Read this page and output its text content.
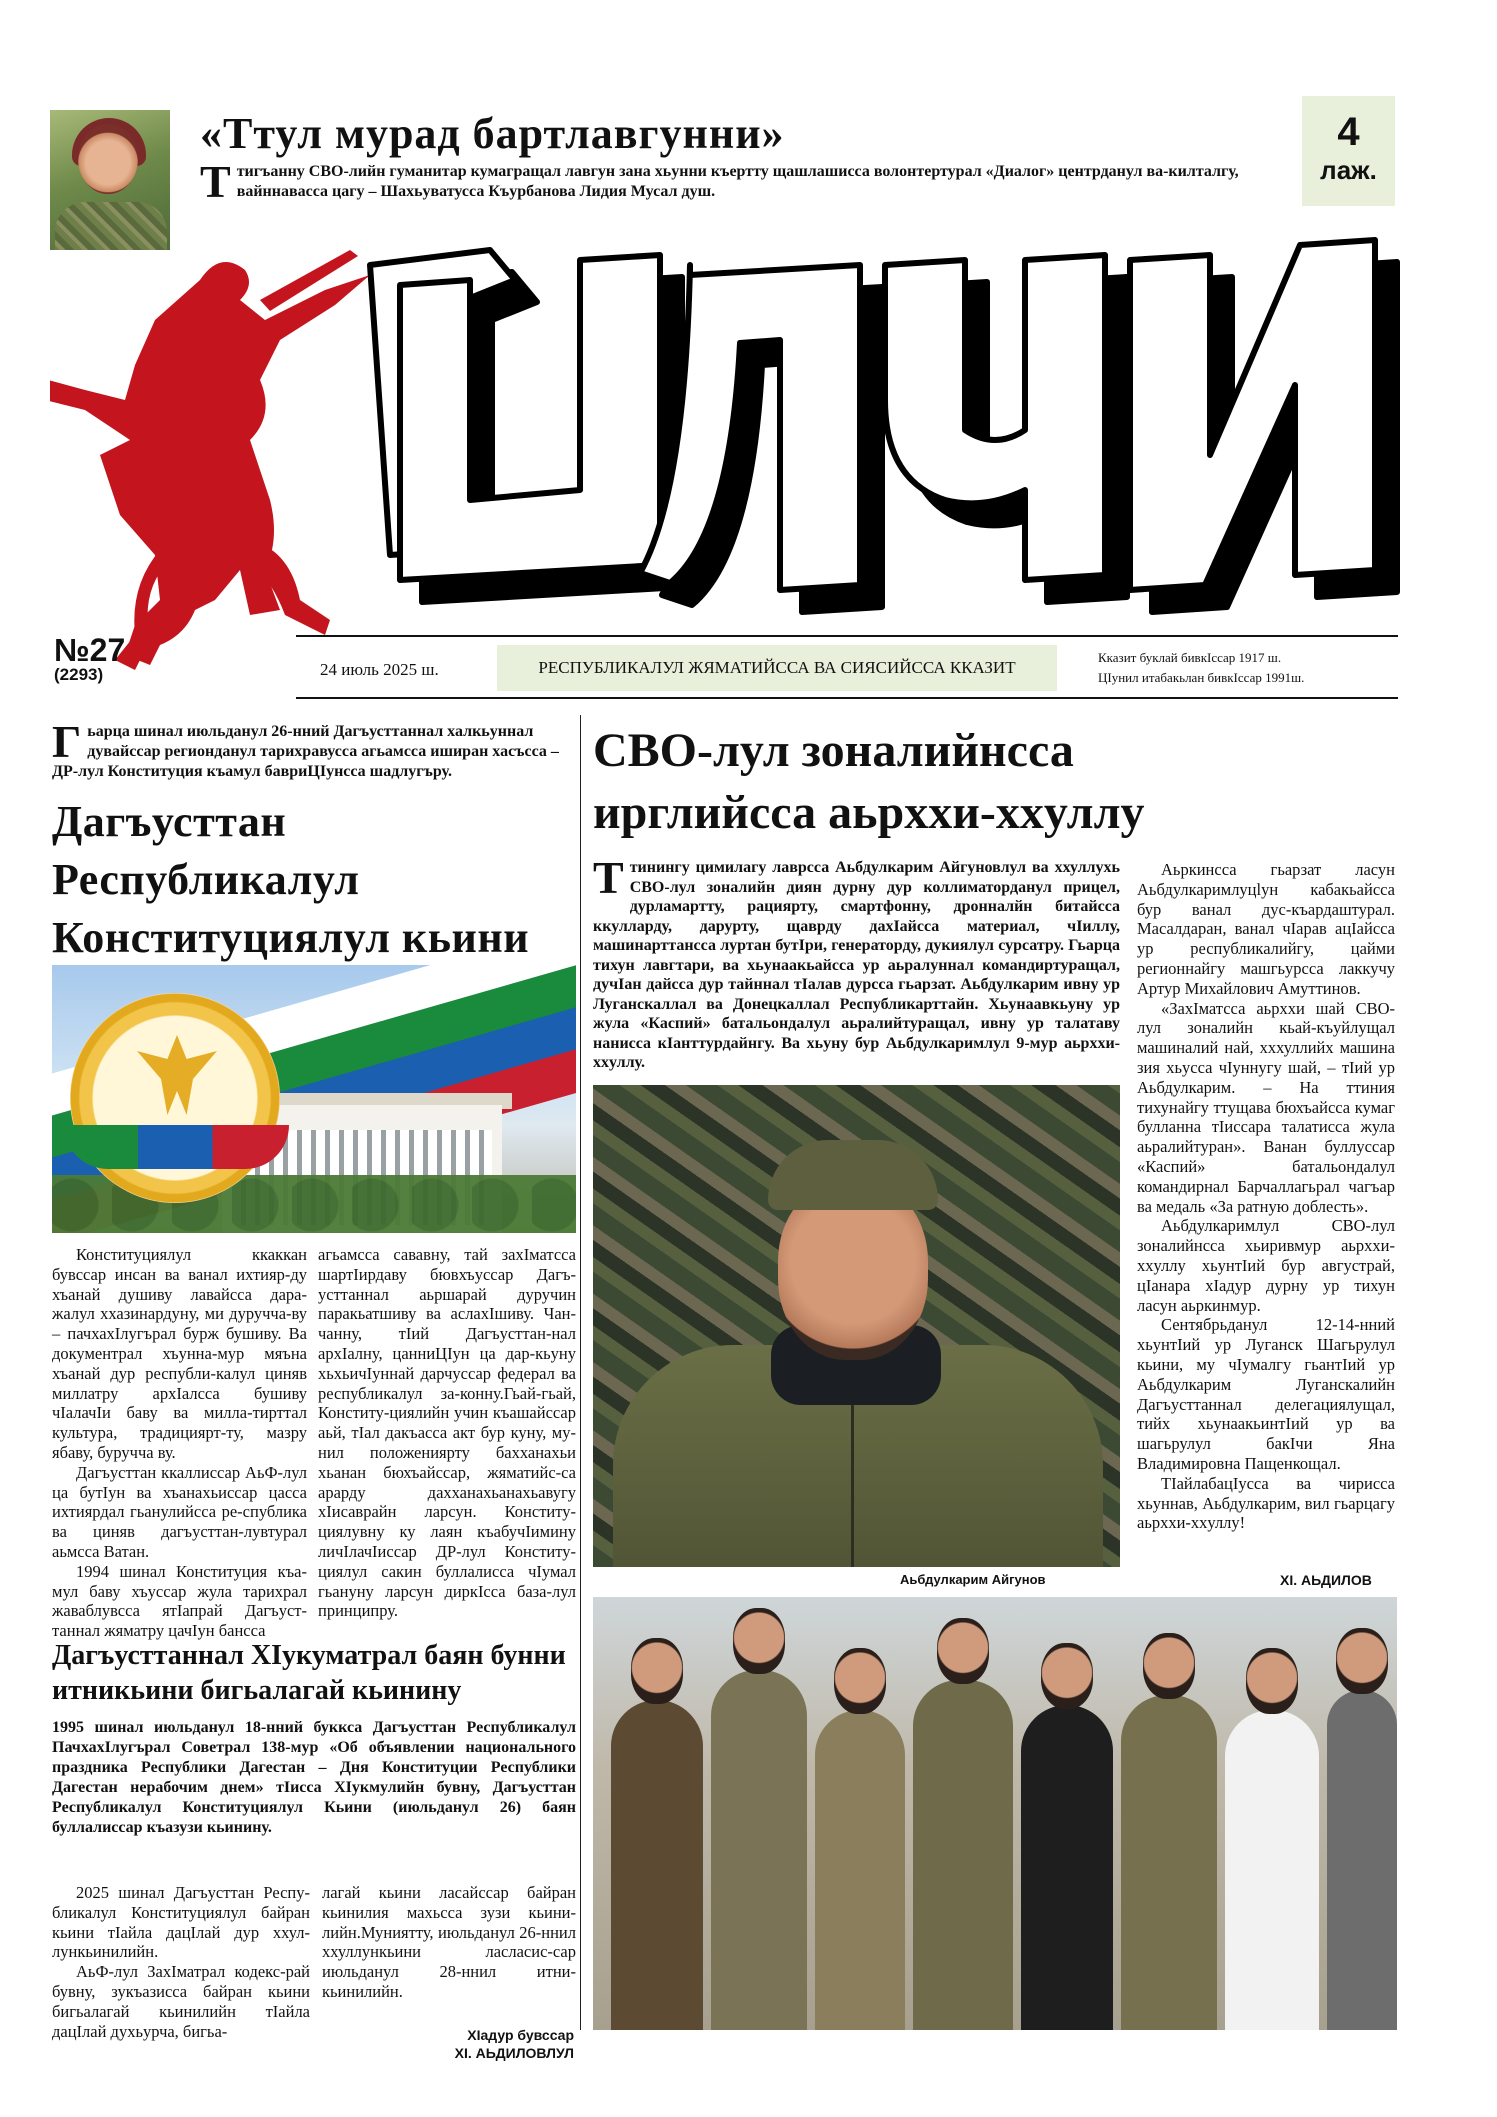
«Ттул мурад бартлавгунни»
Ттигъанну СВО-лийн гуманитар кумагращал лавгун зана хьунни къертту щашлашисса волонтертурал «Диалог» центрданул ва-килталгу, вайннавасса цагу – Шахьуватусса Къурбанова Лидия Мусал душ.
4
лаж.
№27
(2293)	24 июль 2025 ш.	РЕСПУБЛИКАЛУЛ ЖЯМАТИЙССА ВА СИЯСИЙССА ККАЗИТ
Кказит буклай бивкIссар 1917 ш.
ЦIунил итабакьлан бивкIссар 1991ш.
Гьарца шинал июльданул 26-нний Дагъусттаннал халкьуннал дувайссар регионданул тарихравусса агьамсса иширан хасъсса – ДР-лул Конституция къамул бавриЦIунсса шадлугъру.
Дагъусттан
Республикалул
Конституциялул кьини

Конституциялул ккаккан бувссар инсан ва ванал ихтияр-ду хъанай душиву лавайсса дара-жалул ххазинардуну, ми дуручча-ву – пачхахIлугърал бурж бушиву. Ва документрал хъунна-мур мяъна хъанай дур республи-калул циняв миллатру архIалсса бушиву чIалачIи баву ва милла-тирттал культура, традициярт-ту, мазру ябаву, буручча ву.

Дагъусттан ккаллиссар АьФ-лул ца бутIун ва хъанахьиссар цасса ихтиярдал гьанулийсса ре-спублика ва циняв дагъусттан-лувтурал аьмсса Ватан.

1994 шинал Конституция къа-мул баву хъуссар жула тарихрал жаваблувсса ятIапрай Дагъуст-таннал жяматру цачIун бансса

агьамсса сававну, тай захIматсса шартIирдаву бювхъуссар Дагъ-усттаннал аьршарай дуручин паракьатшиву ва аслахIшиву. Чан-чанну, тIий Дагъусттан-нал архIалну, цанниЦIун ца дар-кьуну хьхьичIуннай дарчуссар федерал ва республикалул за-конну.Гьай-гьай, Конститу-циялийн учин къашайссар аьй, тIал дакъасса акт бур куну, му-нил положениярту бахханахьи хьанан бюхъайссар, жяматийс-са арарду дахханахьанахьавугу хIисаврайн ларсун. Конститу-циялувну ку лаян къабучIимину личIлачIиссар ДР-лул Конститу-циялул сакин буллалисса чIумал гьануну ларсун диркIсса база-лул принципру.

Дагъусттаннал ХIукуматрал баян бунни итникьини бигьалагай кьинину
1995 шинал июльданул 18-нний буккса Дагъусттан Республикалул ПачхахIлугърал Советрал 138-мур «Об объявлении национального праздника Республики Дагестан – Дня Конституции Республики Дагестан нерабочим днем» тIисса ХIукмулийн бувну, Дагъусттан Республикалул Конституциялул Кьини (июльданул 26) баян буллалиссар къазузи кьинину.

2025 шинал Дагъусттан Респу-бликалул Конституциялул байран кьини тIайла дацIлай дур ххул-лункьинилийн.

АьФ-лул ЗахIматрал кодекс-рай бувну, зукъазисса байран кьини бигьалагай кьинилийн тIайла дацIлай духьурча, бигьа-

лагай кьини ласайссар байран кьинилия махьсса зузи кьини-лийн.Муниятту, июльданул 26-ннил ххуллункьини ласласис-сар июльданул 28-ннил итни-кьинилийн.

ХIадур бувссар
ХI. АЬДИЛОВЛУЛ
СВО-лул зоналийнсса
ирглийсса аьрхxи-хxуллу
Ттинингу цимилагу лаврсса Аьбдулкарим Айгуновлул ва ххуллухь СВО-лул зоналийн диян дурну дур коллиматорданул прицел, дурламартту, рациярту, смартфонну, дронналйн битайсса ккулларду, дарурту, щаврду дахIайсса материал, чIиллу, машинарттансса луртан бутIри, генераторду, дукиялул сурсатру. Гьарца тихун лавгтари, ва хьунаакьайсса ур аьралуннал командиртуращал, дучIан дайсса дур тайннал тIалав дурсса гьарзат. Аьбдулкарим ивну ур Луганскаллал ва Донецкаллал Республикарттайн. Хьунаавкьуну ур жула «Каспий» батальондалул аьралийтуращал, ивну ур талатаву нанисса кIанттурдайнгу. Ва хьуну бур Аьбдулкаримлул 9-мур аьрхxи-хxуллу.

Аьркинсса гьарзат ласун Аьбдулкаримлуцlун кабакьайсса бур ванал дус-къардаштурал. Масалдаран, ванал чIарав ацIайсса ур республикалийгу, цайми регионнайгу машгьурсса лаккучу Артур Михайлович Амуттинов.

«ЗахIматсса аьрхxи шай СВО-лул зоналийн кьай-къуйлущал машиналий най, хххуллийх машина зия хьусса чIуннугу шай, – тIий ур Аьбдулкарим. – На ттиния тихунайгу ттущава бюхъайсса кумаг булланна тIиссара талатисса жула аьралийтуран». Ванан буллуссар «Каспий» батальондалул командирнал Барчаллагьрал чагъар ва медаль «За ратную доблесть».

Аьбдулкаримлул СВО-лул зоналийнсса хьиривмур аьрхxи-хxуллу хьунтIий бур августрай, цIанара хIадур дурну ур тихун ласун аьркинмур.

Сентябрьданул 12-14-нний хьунтIий ур Луганск Шагьрулул кьини, му чIумалгу гьантIий ур Аьбдулкарим Луганскалийн Дагъусттаннал делегациялущал, тийх хьунаакьинтIий ур ва шагьрулул бакIчи Яна Владимировна Пащенкощал.

ТIайлабацIусса ва чирисса хьуннав, Аьбдулкарим, вил гьарцагу аьрхxи-хxуллу!

Аьбдулкарим Айгунов	ХI. АЬДИЛОВ
